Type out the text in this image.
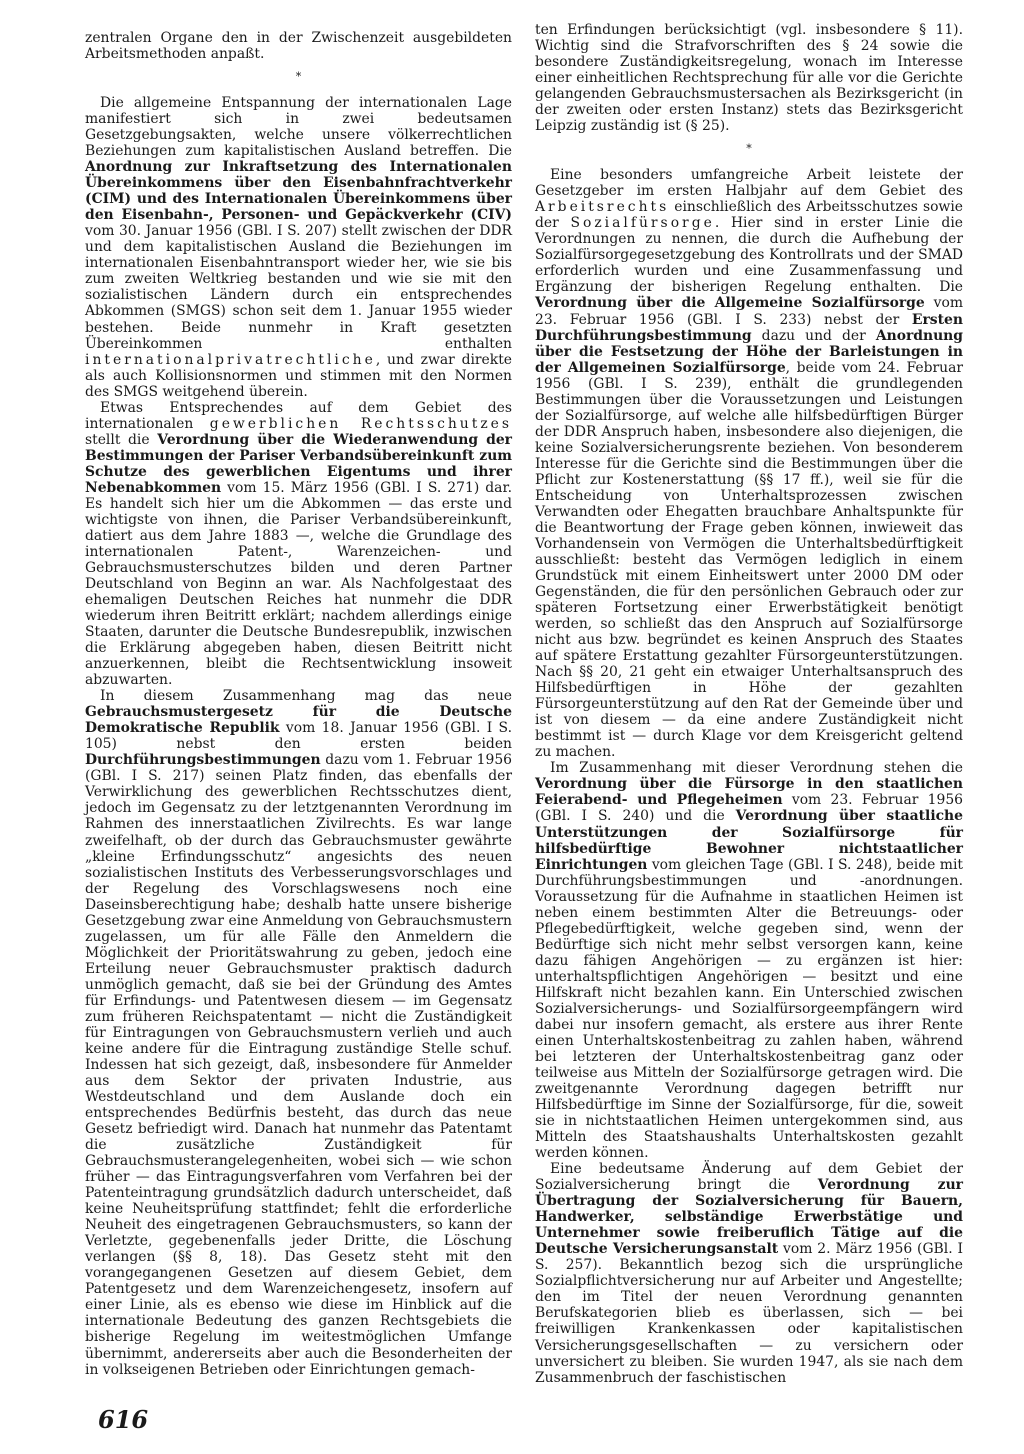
zentralen Organe den in der Zwischenzeit ausgebildeten Arbeitsmethoden anpaßt.

*

Die allgemeine Entspannung der internationalen Lage manifestiert sich in zwei bedeutsamen Gesetzgebungsakten, welche unsere völkerrechtlichen Beziehungen zum kapitalistischen Ausland betreffen. Die Anordnung zur Inkraftsetzung des Internationalen Übereinkommens über den Eisenbahnfrachtverkehr (CIM) und des Internationalen Übereinkommens über den Eisenbahn-, Personen- und Gepäckverkehr (CIV) vom 30. Januar 1956 (GBl. I S. 207) stellt zwischen der DDR und dem kapitalistischen Ausland die Beziehungen im internationalen Eisenbahntransport wieder her, wie sie bis zum zweiten Weltkrieg bestanden und wie sie mit den sozialistischen Ländern durch ein entsprechendes Abkommen (SMGS) schon seit dem 1. Januar 1955 wieder bestehen. Beide nunmehr in Kraft gesetzten Übereinkommen enthalten internationalprivatrechtliche, und zwar direkte als auch Kollisionsnormen und stimmen mit den Normen des SMGS weitgehend überein.

Etwas Entsprechendes auf dem Gebiet des internationalen gewerblichen Rechtsschutzes stellt die Verordnung über die Wiederanwendung der Bestimmungen der Pariser Verbandsübereinkunft zum Schutze des gewerblichen Eigentums und ihrer Nebenabkommen vom 15. März 1956 (GBl. I S. 271) dar. Es handelt sich hier um die Abkommen — das erste und wichtigste von ihnen, die Pariser Verbandsübereinkunft, datiert aus dem Jahre 1883 —, welche die Grundlage des internationalen Patent-, Warenzeichen- und Gebrauchsmusterschutzes bilden und deren Partner Deutschland von Beginn an war. Als Nachfolgestaat des ehemaligen Deutschen Reiches hat nunmehr die DDR wiederum ihren Beitritt erklärt; nachdem allerdings einige Staaten, darunter die Deutsche Bundesrepublik, inzwischen die Erklärung abgegeben haben, diesen Beitritt nicht anzuerkennen, bleibt die Rechtsentwicklung insoweit abzuwarten.

In diesem Zusammenhang mag das neue Gebrauchsmustergesetz für die Deutsche Demokratische Republik vom 18. Januar 1956 (GBl. I S. 105) nebst den ersten beiden Durchführungsbestimmungen dazu vom 1. Februar 1956 (GBl. I S. 217) seinen Platz finden, das ebenfalls der Verwirklichung des gewerblichen Rechtsschutzes dient, jedoch im Gegensatz zu der letztgenannten Verordnung im Rahmen des innerstaatlichen Zivilrechts. Es war lange zweifelhaft, ob der durch das Gebrauchsmuster gewährte „kleine Erfindungsschutz“ angesichts des neuen sozialistischen Instituts des Verbesserungsvorschlages und der Regelung des Vorschlagswesens noch eine Daseinsberechtigung habe; deshalb hatte unsere bisherige Gesetzgebung zwar eine Anmeldung von Gebrauchsmustern zugelassen, um für alle Fälle den Anmeldern die Möglichkeit der Prioritätswahrung zu geben, jedoch eine Erteilung neuer Gebrauchsmuster praktisch dadurch unmöglich gemacht, daß sie bei der Gründung des Amtes für Erfindungs- und Patentwesen diesem — im Gegensatz zum früheren Reichspatentamt — nicht die Zuständigkeit für Eintragungen von Gebrauchsmustern verlieh und auch keine andere für die Eintragung zuständige Stelle schuf. Indessen hat sich gezeigt, daß, insbesondere für Anmelder aus dem Sektor der privaten Industrie, aus Westdeutschland und dem Auslande doch ein entsprechendes Bedürfnis besteht, das durch das neue Gesetz befriedigt wird. Danach hat nunmehr das Patentamt die zusätzliche Zuständigkeit für Gebrauchsmusterangelegenheiten, wobei sich — wie schon früher — das Eintragungsverfahren vom Verfahren bei der Patenteintragung grundsätzlich dadurch unterscheidet, daß keine Neuheitsprüfung stattfindet; fehlt die erforderliche Neuheit des eingetragenen Gebrauchsmusters, so kann der Verletzte, gegebenenfalls jeder Dritte, die Löschung verlangen (§§ 8, 18). Das Gesetz steht mit den vorangegangenen Gesetzen auf diesem Gebiet, dem Patentgesetz und dem Warenzeichengesetz, insofern auf einer Linie, als es ebenso wie diese im Hinblick auf die internationale Bedeutung des ganzen Rechtsgebiets die bisherige Regelung im weitestmöglichen Umfange übernimmt, andererseits aber auch die Besonderheiten der in volkseigenen Betrieben oder Einrichtungen gemach-

ten Erfindungen berücksichtigt (vgl. insbesondere § 11). Wichtig sind die Strafvorschriften des § 24 sowie die besondere Zuständigkeitsregelung, wonach im Interesse einer einheitlichen Rechtsprechung für alle vor die Gerichte gelangenden Gebrauchsmustersachen als Bezirksgericht (in der zweiten oder ersten Instanz) stets das Bezirksgericht Leipzig zuständig ist (§ 25).

*

Eine besonders umfangreiche Arbeit leistete der Gesetzgeber im ersten Halbjahr auf dem Gebiet des Arbeitsrechts einschließlich des Arbeitsschutzes sowie der Sozialfürsorge. Hier sind in erster Linie die Verordnungen zu nennen, die durch die Aufhebung der Sozialfürsorgegesetzgebung des Kontrollrats und der SMAD erforderlich wurden und eine Zusammenfassung und Ergänzung der bisherigen Regelung enthalten. Die Verordnung über die Allgemeine Sozialfürsorge vom 23. Februar 1956 (GBl. I S. 233) nebst der Ersten Durchführungsbestimmung dazu und der Anordnung über die Festsetzung der Höhe der Barleistungen in der Allgemeinen Sozialfürsorge, beide vom 24. Februar 1956 (GBl. I S. 239), enthält die grundlegenden Bestimmungen über die Voraussetzungen und Leistungen der Sozialfürsorge, auf welche alle hilfsbedürftigen Bürger der DDR Anspruch haben, insbesondere also diejenigen, die keine Sozialversicherungsrente beziehen. Von besonderem Interesse für die Gerichte sind die Bestimmungen über die Pflicht zur Kostenerstattung (§§ 17 ff.), weil sie für die Entscheidung von Unterhaltsprozessen zwischen Verwandten oder Ehegatten brauchbare Anhaltspunkte für die Beantwortung der Frage geben können, inwieweit das Vorhandensein von Vermögen die Unterhaltsbedürftigkeit ausschließt: besteht das Vermögen lediglich in einem Grundstück mit einem Einheitswert unter 2000 DM oder Gegenständen, die für den persönlichen Gebrauch oder zur späteren Fortsetzung einer Erwerbstätigkeit benötigt werden, so schließt das den Anspruch auf Sozialfürsorge nicht aus bzw. begründet es keinen Anspruch des Staates auf spätere Erstattung gezahlter Fürsorgeunterstützungen. Nach §§ 20, 21 geht ein etwaiger Unterhaltsanspruch des Hilfsbedürftigen in Höhe der gezahlten Fürsorgeunterstützung auf den Rat der Gemeinde über und ist von diesem — da eine andere Zuständigkeit nicht bestimmt ist — durch Klage vor dem Kreisgericht geltend zu machen.

Im Zusammenhang mit dieser Verordnung stehen die Verordnung über die Fürsorge in den staatlichen Feierabend- und Pflegeheimen vom 23. Februar 1956 (GBl. I S. 240) und die Verordnung über staatliche Unterstützungen der Sozialfürsorge für hilfsbedürftige Bewohner nichtstaatlicher Einrichtungen vom gleichen Tage (GBl. I S. 248), beide mit Durchführungsbestimmungen und -anordnungen. Voraussetzung für die Aufnahme in staatlichen Heimen ist neben einem bestimmten Alter die Betreuungs- oder Pflegebedürftigkeit, welche gegeben sind, wenn der Bedürftige sich nicht mehr selbst versorgen kann, keine dazu fähigen Angehörigen — zu ergänzen ist hier: unterhaltspflichtigen Angehörigen — besitzt und eine Hilfskraft nicht bezahlen kann. Ein Unterschied zwischen Sozialversicherungs- und Sozialfürsorgeempfängern wird dabei nur insofern gemacht, als erstere aus ihrer Rente einen Unterhaltskostenbeitrag zu zahlen haben, während bei letzteren der Unterhaltskostenbeitrag ganz oder teilweise aus Mitteln der Sozialfürsorge getragen wird. Die zweitgenannte Verordnung dagegen betrifft nur Hilfsbedürftige im Sinne der Sozialfürsorge, für die, soweit sie in nichtstaatlichen Heimen untergekommen sind, aus Mitteln des Staatshaushalts Unterhaltskosten gezahlt werden können.

Eine bedeutsame Änderung auf dem Gebiet der Sozialversicherung bringt die Verordnung zur Übertragung der Sozialversicherung für Bauern, Handwerker, selbständige Erwerbstätige und Unternehmer sowie freiberuflich Tätige auf die Deutsche Versicherungsanstalt vom 2. März 1956 (GBl. I S. 257). Bekanntlich bezog sich die ursprüngliche Sozialpflichtversicherung nur auf Arbeiter und Angestellte; den im Titel der neuen Verordnung genannten Berufskategorien blieb es überlassen, sich — bei freiwilligen Krankenkassen oder kapitalistischen Versicherungsgesellschaften — zu versichern oder unversichert zu bleiben. Sie wurden 1947, als sie nach dem Zusammenbruch der faschistischen

616
